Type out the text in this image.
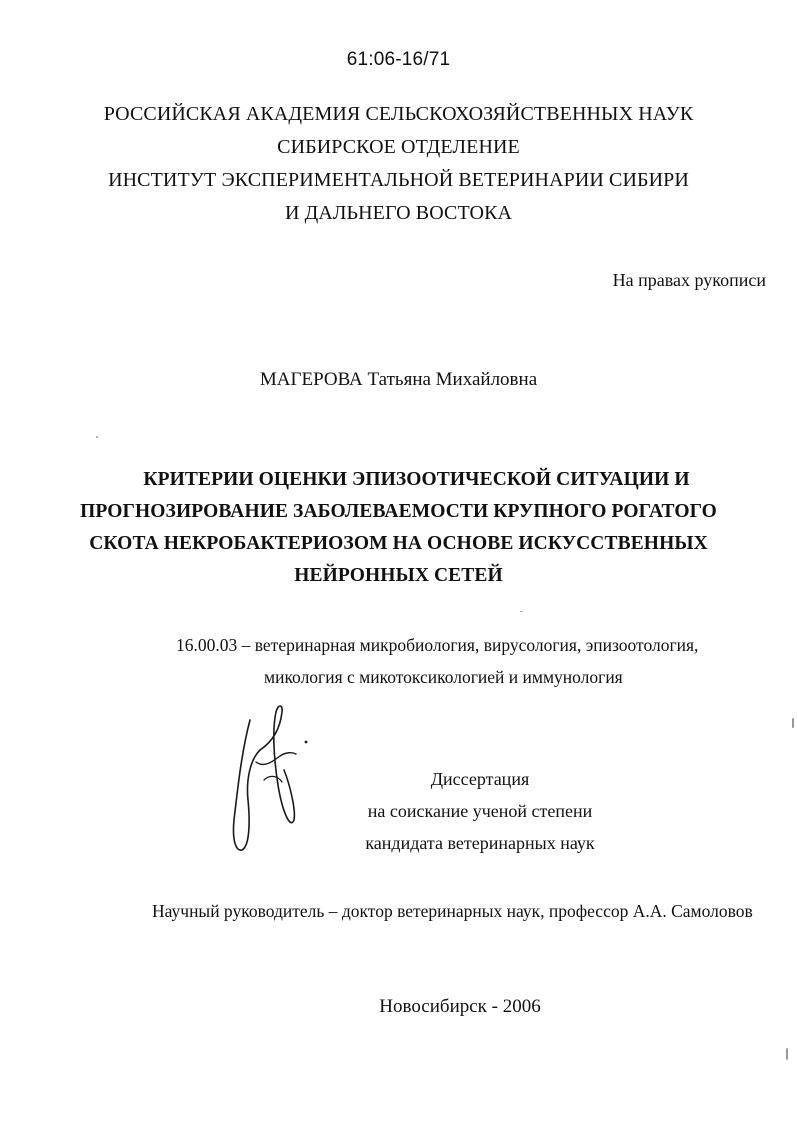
61:06-16/71
РОССИЙСКАЯ АКАДЕМИЯ СЕЛЬСКОХОЗЯЙСТВЕННЫХ НАУК
СИБИРСКОЕ ОТДЕЛЕНИЕ
ИНСТИТУТ ЭКСПЕРИМЕНТАЛЬНОЙ ВЕТЕРИНАРИИ СИБИРИ
И ДАЛЬНЕГО ВОСТОКА
На правах рукописи
МАГЕРОВА Татьяна Михайловна
КРИТЕРИИ ОЦЕНКИ ЭПИЗООТИЧЕСКОЙ СИТУАЦИИ И
ПРОГНОЗИРОВАНИЕ ЗАБОЛЕВАЕМОСТИ КРУПНОГО РОГАТОГО
СКОТА НЕКРОБАКТЕРИОЗОМ НА ОСНОВЕ ИСКУССТВЕННЫХ
НЕЙРОННЫХ СЕТЕЙ
16.00.03 – ветеринарная микробиология, вирусология, эпизоотология,
микология с микотоксикологией и иммунология
Диссертация
на соискание ученой степени
кандидата ветеринарных наук
Научный руководитель – доктор ветеринарных наук, профессор А.А. Самоловов
Новосибирск - 2006
